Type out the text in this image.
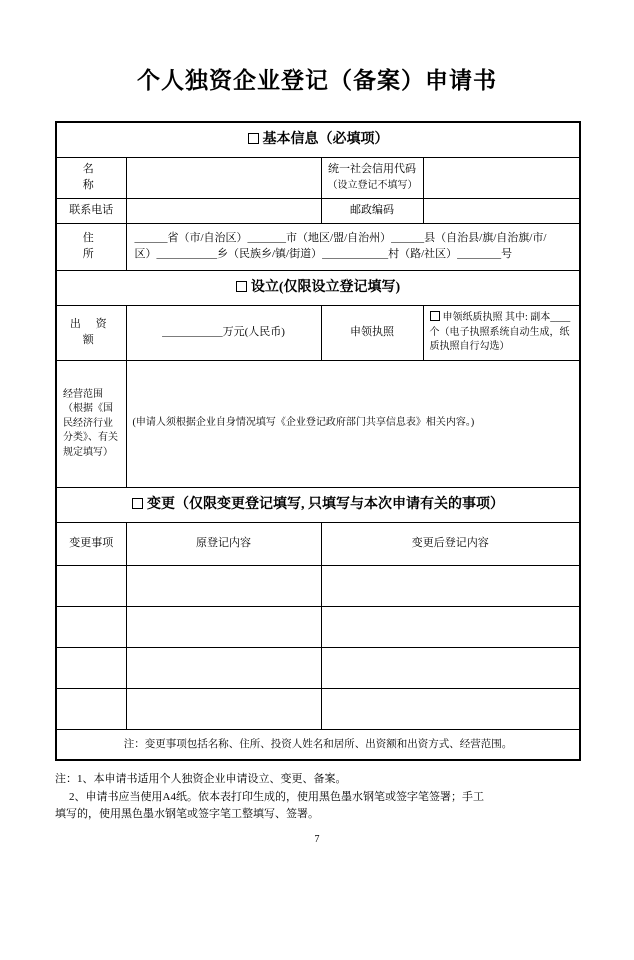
个人独资企业登记（备案）申请书
基本信息（必填项）			
名　　称		统一社会信用代码
（设立登记不填写）	
联系电话		邮政编码	
住　　所	______省（市/自治区）_______市（地区/盟/自治州）______县（自治县/旗/自治旗/市/
区）___________乡（民族乡/镇/街道）____________村（路/社区）________号		

设立(仅限设立登记填写)			
出 资 额	___________万元(人民币)	申领执照	申领纸质执照 其中: 副本____个（电子执照系统自动生成，纸质执照自行勾选）
经营范围（根据《国民经济行业分类》、有关规定填写）	(申请人须根据企业自身情况填写《企业登记政府部门共享信息表》相关内容。)		

变更（仅限变更登记填写, 只填写与本次申请有关的事项）			
变更事项	原登记内容	变更后登记内容	

注：变更事项包括名称、住所、投资人姓名和居所、出资额和出资方式、经营范围。			
注：1、本申请书适用个人独资企业申请设立、变更、备案。
2、申请书应当使用A4纸。依本表打印生成的，使用黑色墨水钢笔或签字笔签署；手工
填写的，使用黑色墨水钢笔或签字笔工整填写、签署。
7
